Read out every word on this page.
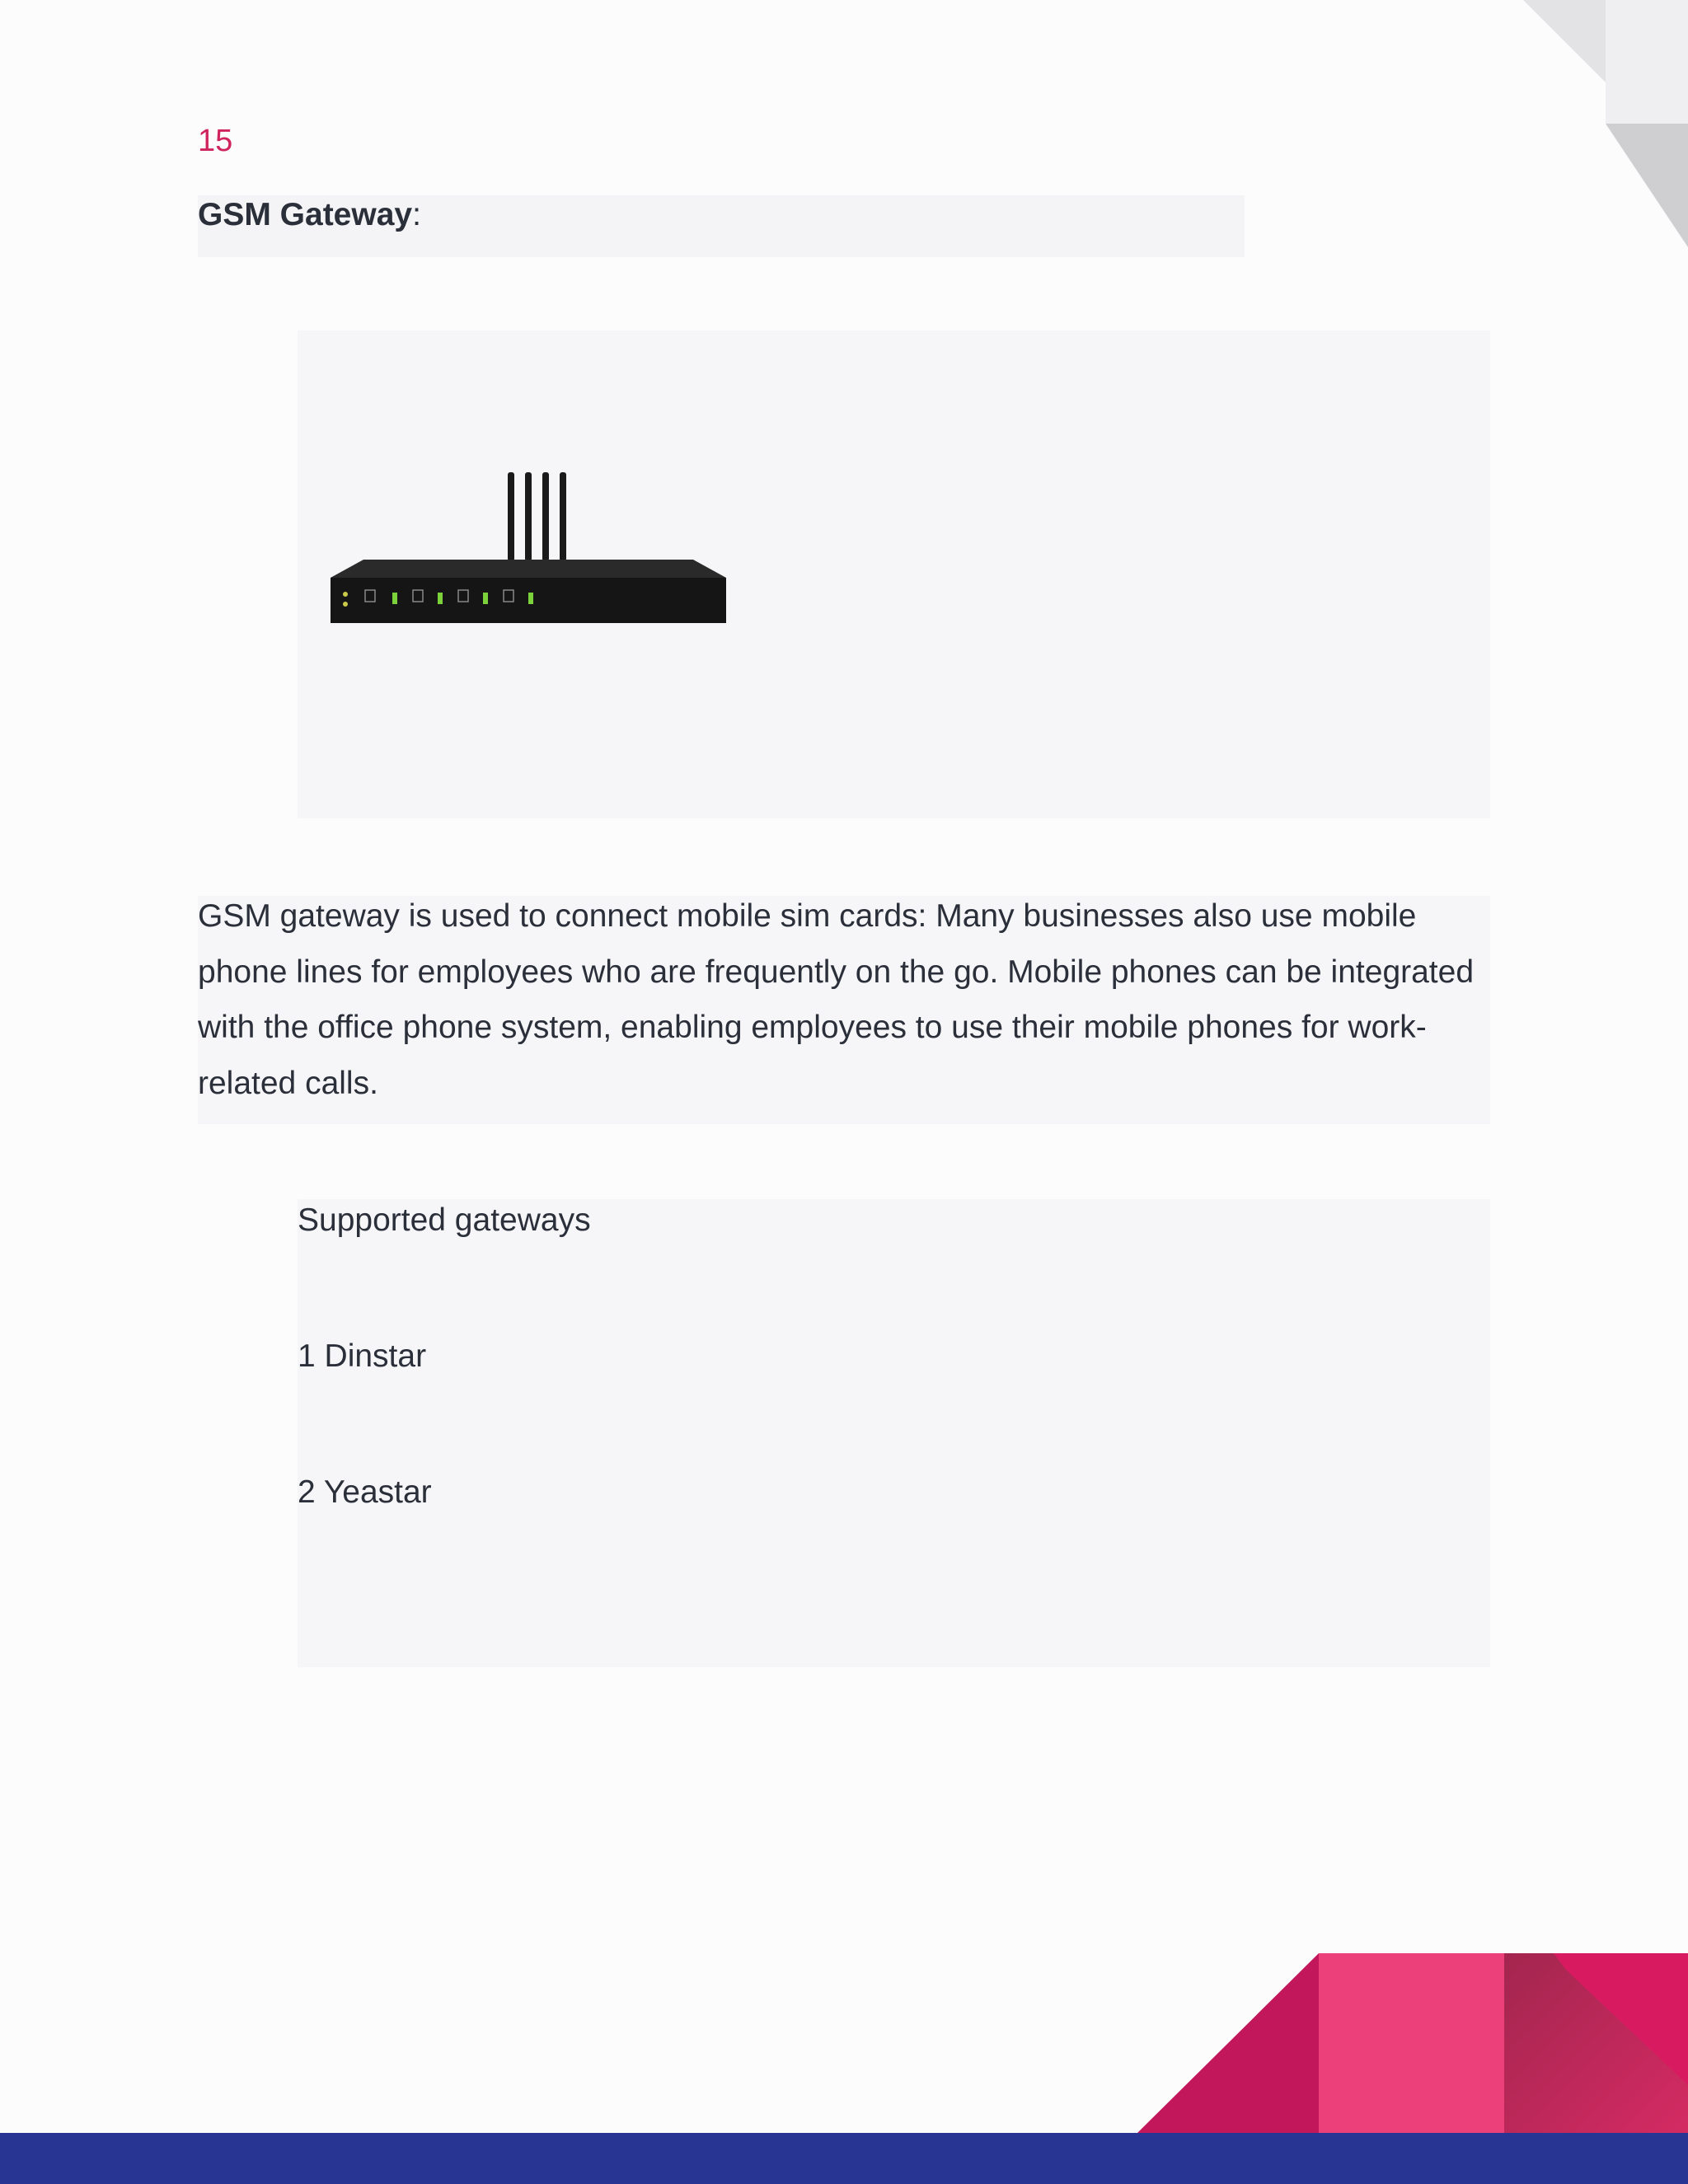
15
GSM Gateway:

GSM gateway is used to connect mobile sim cards: Many businesses also use mobile phone lines for employees who are frequently on the go. Mobile phones can be integrated with the office phone system, enabling employees to use their mobile phones for work-related calls.

Supported gateways
1 Dinstar
2 Yeastar
